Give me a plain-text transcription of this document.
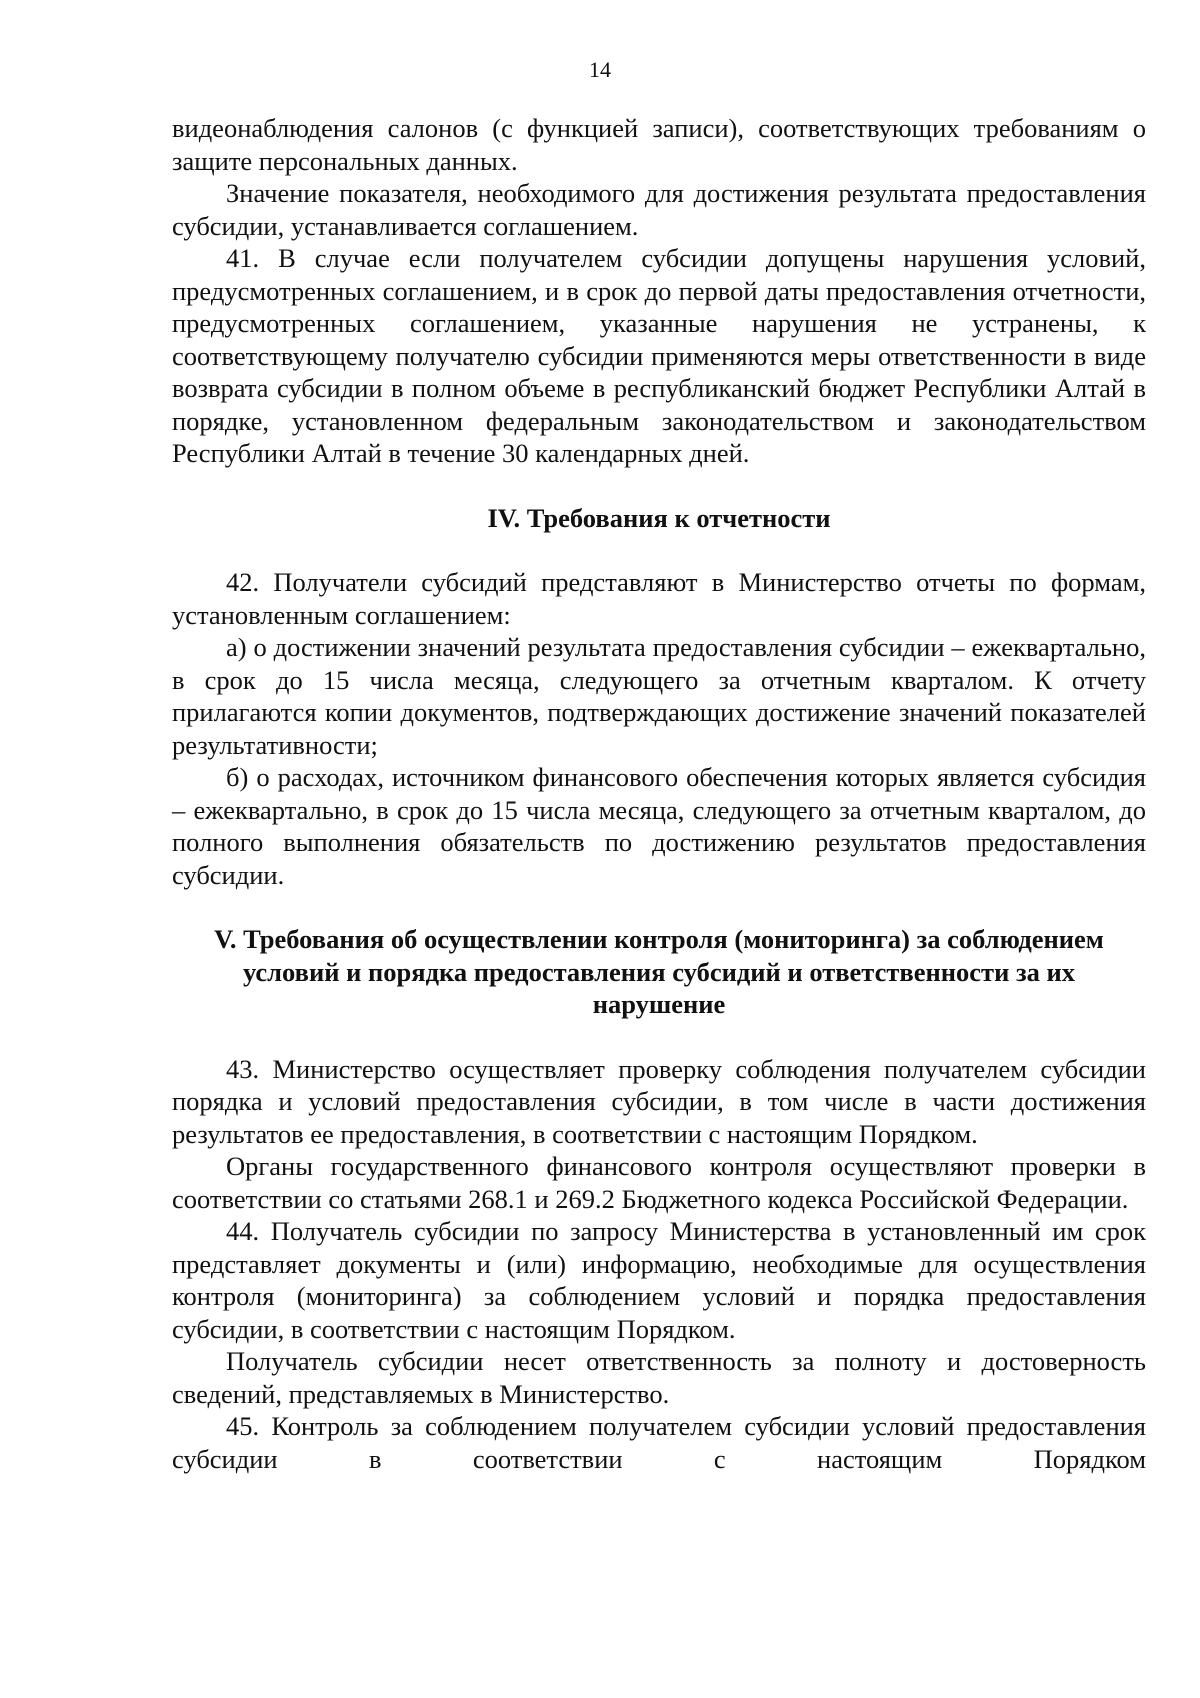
14

видеонаблюдения салонов (с функцией записи), соответствующих требованиям о защите персональных данных.

Значение показателя, необходимого для достижения результата предоставления субсидии, устанавливается соглашением.

41. В случае если получателем субсидии допущены нарушения условий, предусмотренных соглашением, и в срок до первой даты предоставления отчетности, предусмотренных соглашением, указанные нарушения не устранены, к соответствующему получателю субсидии применяются меры ответственности в виде возврата субсидии в полном объеме в республиканский бюджет Республики Алтай в порядке, установленном федеральным законодательством и законодательством Республики Алтай в течение 30 календарных дней.

IV. Требования к отчетности

42. Получатели субсидий представляют в Министерство отчеты по формам, установленным соглашением:

а) о достижении значений результата предоставления субсидии – ежеквартально, в срок до 15 числа месяца, следующего за отчетным кварталом. К отчету прилагаются копии документов, подтверждающих достижение значений показателей результативности;

б) о расходах, источником финансового обеспечения которых является субсидия – ежеквартально, в срок до 15 числа месяца, следующего за отчетным кварталом, до полного выполнения обязательств по достижению результатов предоставления субсидии.

V. Требования об осуществлении контроля (мониторинга) за соблюдением условий и порядка предоставления субсидий и ответственности за их нарушение

43. Министерство осуществляет проверку соблюдения получателем субсидии порядка и условий предоставления субсидии, в том числе в части достижения результатов ее предоставления, в соответствии с настоящим Порядком.

Органы государственного финансового контроля осуществляют проверки в соответствии со статьями 268.1 и 269.2 Бюджетного кодекса Российской Федерации.

44. Получатель субсидии по запросу Министерства в установленный им срок представляет документы и (или) информацию, необходимые для осуществления контроля (мониторинга) за соблюдением условий и порядка предоставления субсидии, в соответствии с настоящим Порядком.

Получатель субсидии несет ответственность за полноту и достоверность сведений, представляемых в Министерство.

45. Контроль за соблюдением получателем субсидии условий предоставления субсидии в соответствии с настоящим Порядком
